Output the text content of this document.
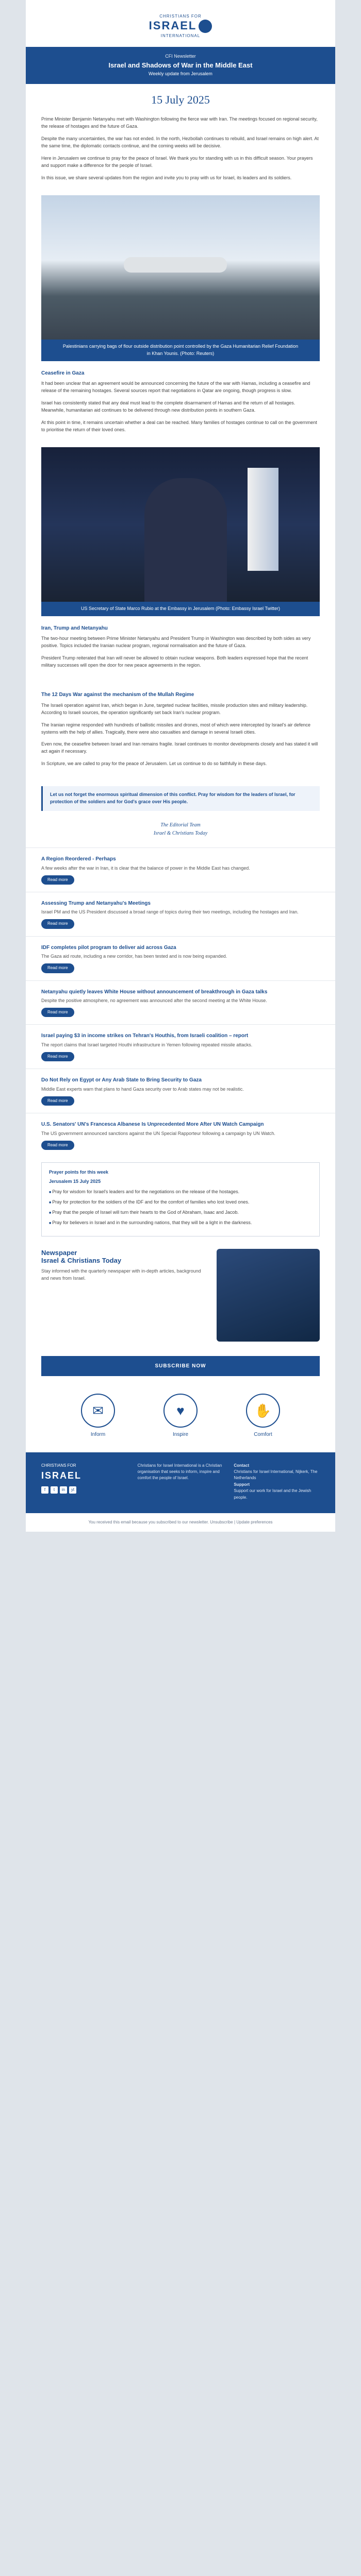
CHRISTIANS FOR
ISRAEL
INTERNATIONAL
CFI Newsletter
Israel and Shadows of War in the Middle East
Weekly update from Jerusalem
15 July 2025

Prime Minister Benjamin Netanyahu met with Washington following the fierce war with Iran. The meetings focused on regional security, the release of hostages and the future of Gaza.

Despite the many uncertainties, the war has not ended. In the north, Hezbollah continues to rebuild, and Israel remains on high alert. At the same time, the diplomatic contacts continue, and the coming weeks will be decisive.

Here in Jerusalem we continue to pray for the peace of Israel. We thank you for standing with us in this difficult season. Your prayers and support make a difference for the people of Israel.

In this issue, we share several updates from the region and invite you to pray with us for Israel, its leaders and its soldiers.

Palestinians carrying bags of flour outside distribution point controlled by the Gaza Humanitarian Relief Foundation in Khan Younis. (Photo: Reuters)
Ceasefire in Gaza

It had been unclear that an agreement would be announced concerning the future of the war with Hamas, including a ceasefire and release of the remaining hostages. Several sources report that negotiations in Qatar are ongoing, though progress is slow.

Israel has consistently stated that any deal must lead to the complete disarmament of Hamas and the return of all hostages. Meanwhile, humanitarian aid continues to be delivered through new distribution points in southern Gaza.

At this point in time, it remains uncertain whether a deal can be reached. Many families of hostages continue to call on the government to prioritise the return of their loved ones.

US Secretary of State Marco Rubio at the Embassy in Jerusalem (Photo: Embassy Israel Twitter)
Iran, Trump and Netanyahu

The two-hour meeting between Prime Minister Netanyahu and President Trump in Washington was described by both sides as very positive. Topics included the Iranian nuclear program, regional normalisation and the future of Gaza.

President Trump reiterated that Iran will never be allowed to obtain nuclear weapons. Both leaders expressed hope that the recent military successes will open the door for new peace agreements in the region.

The 12 Days War against the mechanism of the Mullah Regime

The Israeli operation against Iran, which began in June, targeted nuclear facilities, missile production sites and military leadership. According to Israeli sources, the operation significantly set back Iran's nuclear program.

The Iranian regime responded with hundreds of ballistic missiles and drones, most of which were intercepted by Israel's air defence systems with the help of allies. Tragically, there were also casualties and damage in several Israeli cities.

Even now, the ceasefire between Israel and Iran remains fragile. Israel continues to monitor developments closely and has stated it will act again if necessary.

In Scripture, we are called to pray for the peace of Jerusalem. Let us continue to do so faithfully in these days.

Let us not forget the enormous spiritual dimension of this conflict. Pray for wisdom for the leaders of Israel, for protection of the soldiers and for God's grace over His people.
The Editorial Team
Israel & Christians Today
A Region Reordered - Perhaps

A few weeks after the war in Iran, it is clear that the balance of power in the Middle East has changed.

Read more
Assessing Trump and Netanyahu's Meetings

Israel PM and the US President discussed a broad range of topics during their two meetings, including the hostages and Iran.

Read more
IDF completes pilot program to deliver aid across Gaza

The Gaza aid route, including a new corridor, has been tested and is now being expanded.

Read more
Netanyahu quietly leaves White House without announcement of breakthrough in Gaza talks

Despite the positive atmosphere, no agreement was announced after the second meeting at the White House.

Read more
Israel paying $3 in income strikes on Tehran's Houthis, from Israeli coalition – report

The report claims that Israel targeted Houthi infrastructure in Yemen following repeated missile attacks.

Read more
Do Not Rely on Egypt or Any Arab State to Bring Security to Gaza

Middle East experts warn that plans to hand Gaza security over to Arab states may not be realistic.

Read more
U.S. Senators' UN's Francesca Albanese Is Unprecedented More After UN Watch Campaign

The US government announced sanctions against the UN Special Rapporteur following a campaign by UN Watch.

Read more
Prayer points for this week
Jerusalem 15 July 2025
■ Pray for wisdom for Israel's leaders and for the negotiations on the release of the hostages.
■ Pray for protection for the soldiers of the IDF and for the comfort of families who lost loved ones.
■ Pray that the people of Israel will turn their hearts to the God of Abraham, Isaac and Jacob.
■ Pray for believers in Israel and in the surrounding nations, that they will be a light in the darkness.
Newspaper
Israel & Christians Today

Stay informed with the quarterly newspaper with in-depth articles, background and news from Israel.

SUBSCRIBE NOW
✉
Inform
♥
Inspire
✋
Comfort
CHRISTIANS FOR
ISRAEL
f	t	in	yt

Christians for Israel International is a Christian organisation that seeks to inform, inspire and comfort the people of Israel.

Contact

Christians for Israel International, Nijkerk, The Netherlands

Support

Support our work for Israel and the Jewish people.

You received this email because you subscribed to our newsletter. Unsubscribe | Update preferences
